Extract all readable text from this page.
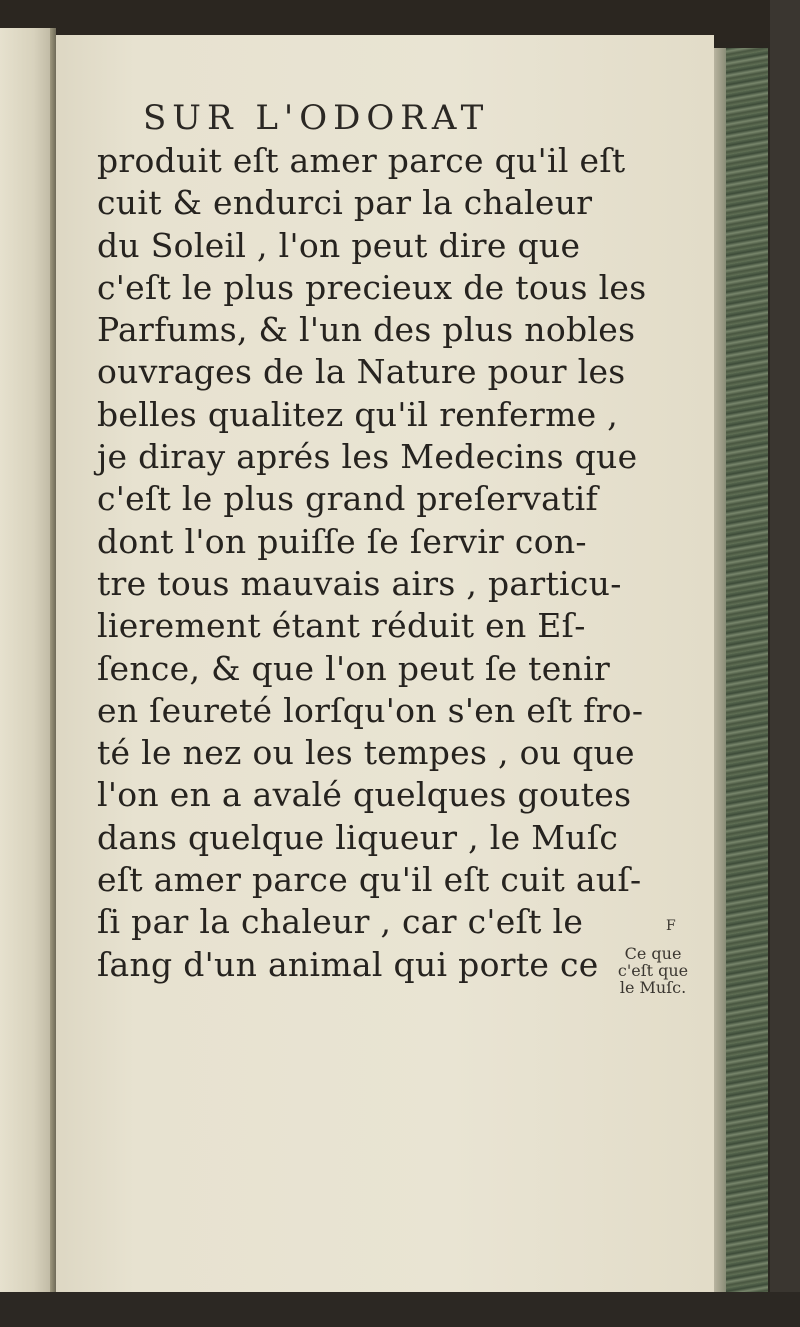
SUR L'ODORAT
produit eſt amer parce qu'il eſt
cuit & endurci par la chaleur
du Soleil , l'on peut dire que
c'eſt le plus precieux de tous les
Parfums, & l'un des plus nobles
ouvrages de la Nature pour les
belles qualitez qu'il renferme ,
je diray aprés les Medecins que
c'eſt le plus grand preſervatif
dont l'on puiſſe ſe ſervir con-
tre tous mauvais airs , particu-
lierement étant réduit en Eſ-
ſence, & que l'on peut ſe tenir
en ſeureté lorſqu'on s'en eſt fro-
té le nez ou les tempes , ou que
l'on en a avalé quelques goutes
dans quelque liqueur , le Muſc
eſt amer parce qu'il eſt cuit auſ-
ſi par la chaleur , car c'eſt le
ſang d'un animal qui porte ce
F
Ce que
c'eſt que
le Muſc.
